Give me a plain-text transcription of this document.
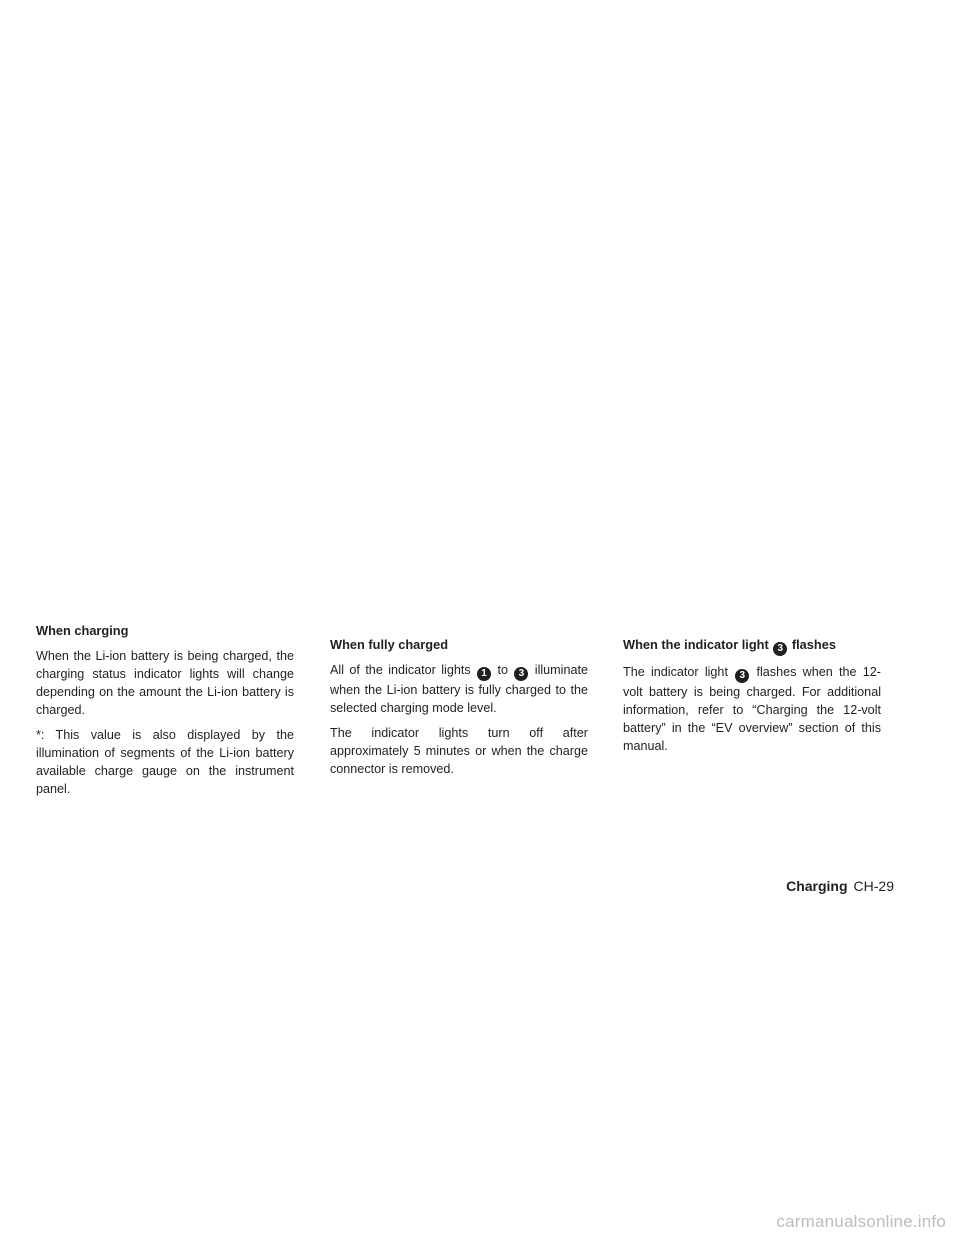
When charging

When the Li-ion battery is being charged, the charging status indicator lights will change depending on the amount the Li-ion battery is charged.

*: This value is also displayed by the illumination of segments of the Li-ion battery available charge gauge on the instrument panel.

When fully charged

All of the indicator lights 1 to 3 illuminate when the Li-ion battery is fully charged to the selected charging mode level.

The indicator lights turn off after approximately 5 minutes or when the charge connector is removed.

When the indicator light 3 flashes

The indicator light 3 flashes when the 12-volt battery is being charged. For additional information, refer to “Charging the 12-volt battery” in the “EV overview” section of this manual.

Charging CH-29
carmanualsonline.info
